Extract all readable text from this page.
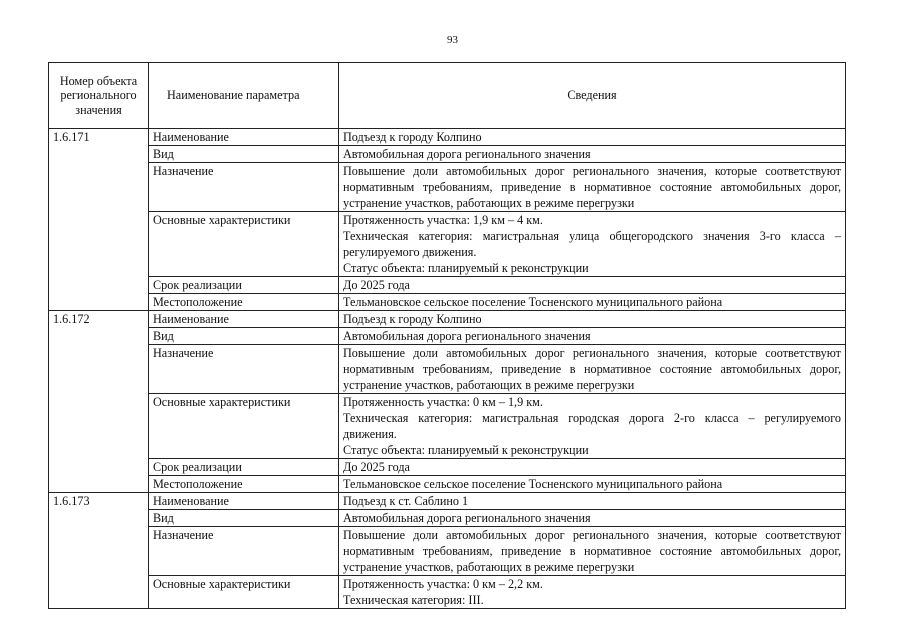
93
Номер объекта регионального значения	Наименование параметра	Сведения
1.6.171	Наименование	Подъезд к городу Колпино
	Вид	Автомобильная дорога регионального значения
	Назначение	Повышение доли автомобильных дорог регионального значения, которые соответствуют нормативным требованиям, приведение в нормативное состояние автомобильных дорог, устранение участков, работающих в режиме перегрузки
	Основные характеристики	Протяженность участка: 1,9 км – 4 км.
Техническая категория: магистральная улица общегородского значения 3-го класса – регулируемого движения.
Статус объекта: планируемый к реконструкции

	Срок реализации	До 2025 года
	Местоположение	Тельмановское сельское поселение Тосненского муниципального района
1.6.172	Наименование	Подъезд к городу Колпино
	Вид	Автомобильная дорога регионального значения
	Назначение	Повышение доли автомобильных дорог регионального значения, которые соответствуют нормативным требованиям, приведение в нормативное состояние автомобильных дорог, устранение участков, работающих в режиме перегрузки
	Основные характеристики	Протяженность участка: 0 км – 1,9 км.
Техническая категория: магистральная городская дорога 2-го класса – регулируемого движения.
Статус объекта: планируемый к реконструкции

	Срок реализации	До 2025 года
	Местоположение	Тельмановское сельское поселение Тосненского муниципального района
1.6.173	Наименование	Подъезд к ст. Саблино 1
	Вид	Автомобильная дорога регионального значения
	Назначение	Повышение доли автомобильных дорог регионального значения, которые соответствуют нормативным требованиям, приведение в нормативное состояние автомобильных дорог, устранение участков, работающих в режиме перегрузки
	Основные характеристики	Протяженность участка: 0 км – 2,2 км.
Техническая категория: III.
